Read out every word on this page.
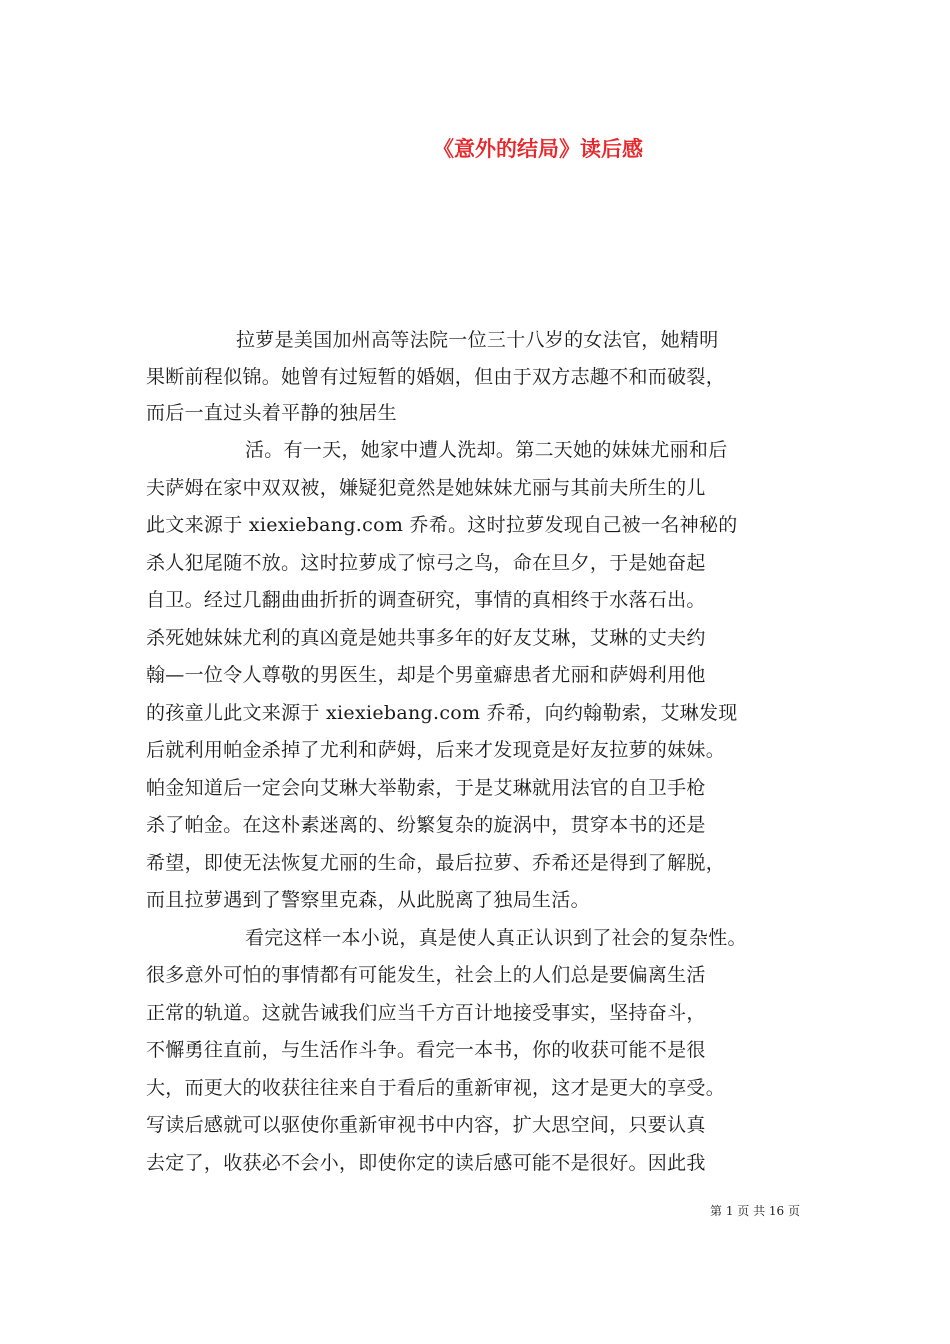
《意外的结局》读后感
拉萝是美国加州高等法院一位三十八岁的女法官，她精明
果断前程似锦。她曾有过短暂的婚姻，但由于双方志趣不和而破裂，
而后一直过头着平静的独居生
活。有一天，她家中遭人洗却。第二天她的妹妹尤丽和后
夫萨姆在家中双双被，嫌疑犯竟然是她妹妹尤丽与其前夫所生的儿
此文来源于 xiexiebang.com 乔希。这时拉萝发现自己被一名神秘的
杀人犯尾随不放。这时拉萝成了惊弓之鸟，命在旦夕，于是她奋起
自卫。经过几翻曲曲折折的调查研究，事情的真相终于水落石出。
杀死她妹妹尤利的真凶竟是她共事多年的好友艾琳，艾琳的丈夫约
翰—一位令人尊敬的男医生，却是个男童癖患者尤丽和萨姆利用他
的孩童儿此文来源于 xiexiebang.com 乔希，向约翰勒索，艾琳发现
后就利用帕金杀掉了尤利和萨姆，后来才发现竟是好友拉萝的妹妹。
帕金知道后一定会向艾琳大举勒索，于是艾琳就用法官的自卫手枪
杀了帕金。在这朴素迷离的、纷繁复杂的旋涡中，贯穿本书的还是
希望，即使无法恢复尤丽的生命，最后拉萝、乔希还是得到了解脱，
而且拉萝遇到了警察里克森，从此脱离了独局生活。
看完这样一本小说，真是使人真正认识到了社会的复杂性。
很多意外可怕的事情都有可能发生，社会上的人们总是要偏离生活
正常的轨道。这就告诫我们应当千方百计地接受事实，坚持奋斗，
不懈勇往直前，与生活作斗争。看完一本书，你的收获可能不是很
大，而更大的收获往往来自于看后的重新审视，这才是更大的享受。
写读后感就可以驱使你重新审视书中内容，扩大思空间，只要认真
去定了，收获必不会小，即使你定的读后感可能不是很好。因此我
第 1 页 共 16 页
